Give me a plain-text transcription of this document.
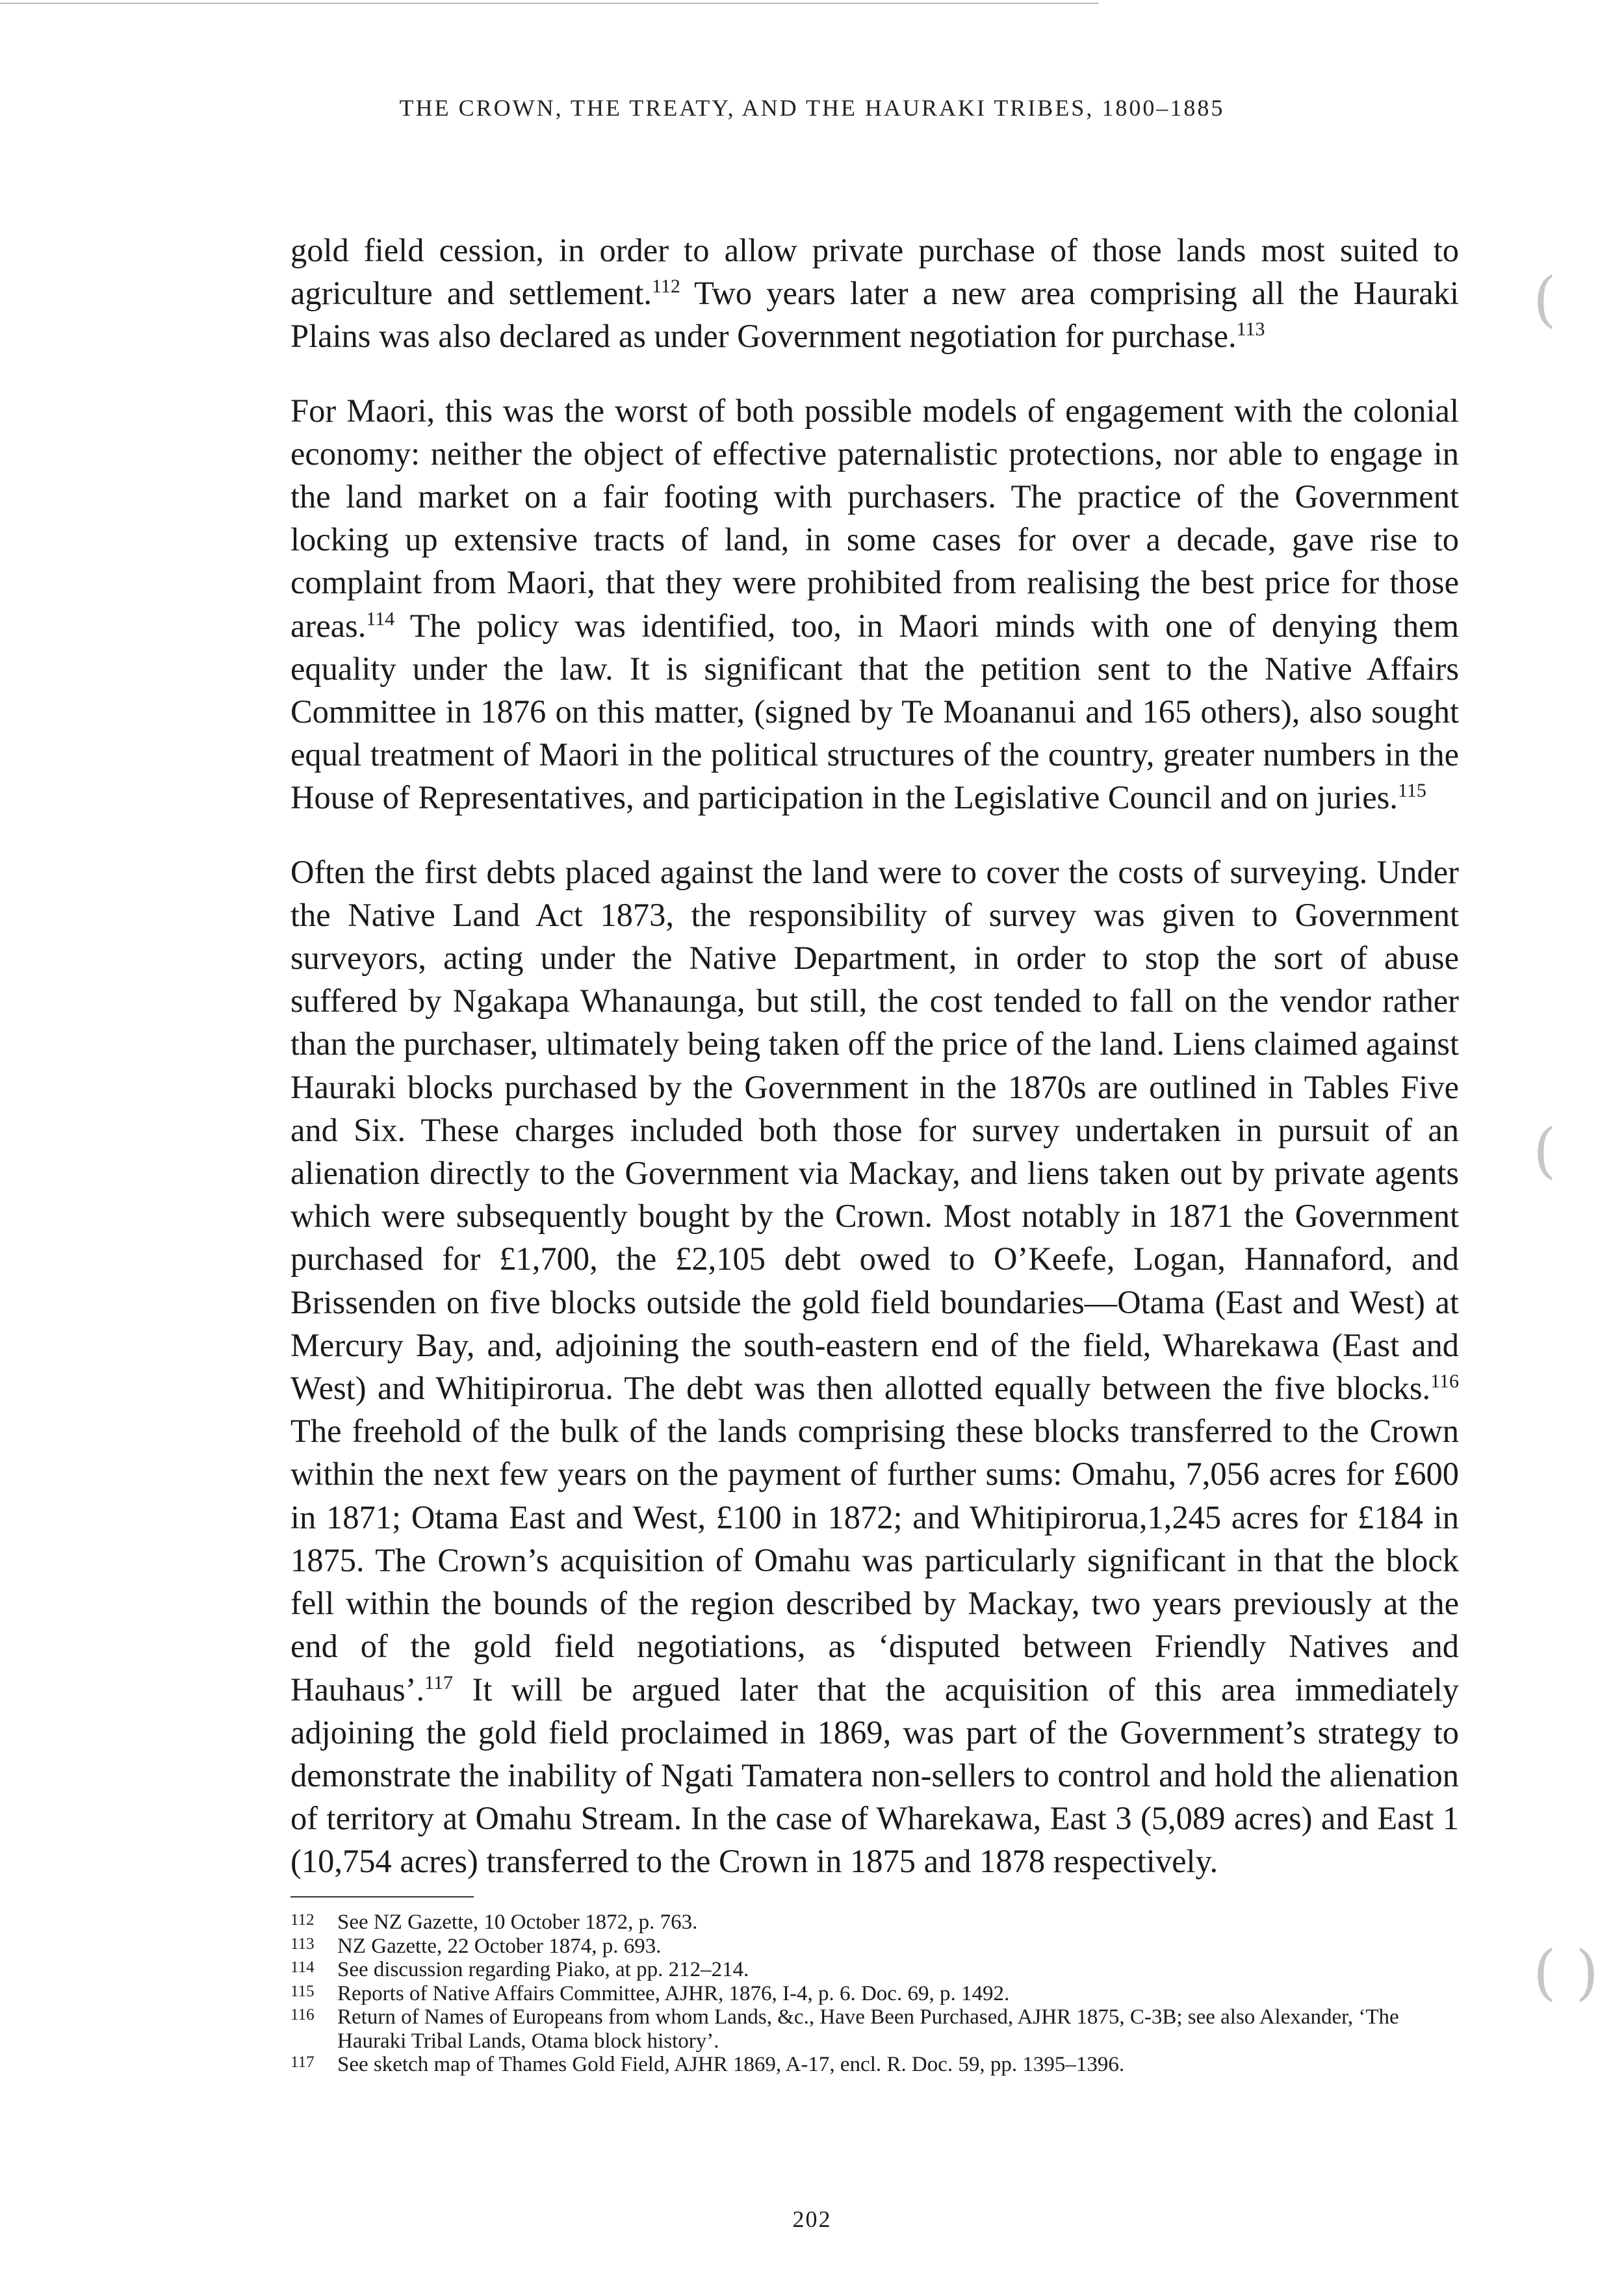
THE CROWN, THE TREATY, AND THE HAURAKI TRIBES, 1800–1885

gold field cession, in order to allow private purchase of those lands most suited to agriculture and settlement.$^{112}$ Two years later a new area comprising all the Hauraki Plains was also declared as under Government negotiation for purchase.$^{113}$

For Maori, this was the worst of both possible models of engagement with the colonial economy: neither the object of effective paternalistic protections, nor able to engage in the land market on a fair footing with purchasers. The practice of the Government locking up extensive tracts of land, in some cases for over a decade, gave rise to complaint from Maori, that they were prohibited from realising the best price for those areas.$^{114}$ The policy was identified, too, in Maori minds with one of denying them equality under the law. It is significant that the petition sent to the Native Affairs Committee in 1876 on this matter, (signed by Te Moananui and 165 others), also sought equal treatment of Maori in the political structures of the country, greater numbers in the House of Representatives, and participation in the Legislative Council and on juries.$^{115}$

Often the first debts placed against the land were to cover the costs of surveying. Under the Native Land Act 1873, the responsibility of survey was given to Government surveyors, acting under the Native Department, in order to stop the sort of abuse suffered by Ngakapa Whanaunga, but still, the cost tended to fall on the vendor rather than the purchaser, ultimately being taken off the price of the land. Liens claimed against Hauraki blocks purchased by the Government in the 1870s are outlined in Tables Five and Six. These charges included both those for survey undertaken in pursuit of an alienation directly to the Government via Mackay, and liens taken out by private agents which were subsequently bought by the Crown. Most notably in 1871 the Government purchased for £1,700, the £2,105 debt owed to O’Keefe, Logan, Hannaford, and Brissenden on five blocks outside the gold field boundaries—Otama (East and West) at Mercury Bay, and, adjoining the south-eastern end of the field, Wharekawa (East and West) and Whitipirorua. The debt was then allotted equally between the five blocks.$^{116}$ The freehold of the bulk of the lands comprising these blocks transferred to the Crown within the next few years on the payment of further sums: Omahu, 7,056 acres for £600 in 1871; Otama East and West, £100 in 1872; and Whitipirorua,1,245 acres for £184 in 1875. The Crown’s acquisition of Omahu was particularly significant in that the block fell within the bounds of the region described by Mackay, two years previously at the end of the gold field negotiations, as ‘disputed between Friendly Natives and Hauhaus’.$^{117}$ It will be argued later that the acquisition of this area immediately adjoining the gold field proclaimed in 1869, was part of the Government’s strategy to demonstrate the inability of Ngati Tamatera non-sellers to control and hold the alienation of territory at Omahu Stream. In the case of Wharekawa, East 3 (5,089 acres) and East 1 (10,754 acres) transferred to the Crown in 1875 and 1878 respectively.

112	See NZ Gazette, 10 October 1872, p. 763.
113	NZ Gazette, 22 October 1874, p. 693.
114	See discussion regarding Piako, at pp. 212–214.
115	Reports of Native Affairs Committee, AJHR, 1876, I-4, p. 6. Doc. 69, p. 1492.
116	Return of Names of Europeans from whom Lands, &c., Have Been Purchased, AJHR 1875, C-3B; see also Alexander, ‘The Hauraki Tribal Lands, Otama block history’.
117	See sketch map of Thames Gold Field, AJHR 1869, A-17, encl. R. Doc. 59, pp. 1395–1396.
202
(
(
( )
